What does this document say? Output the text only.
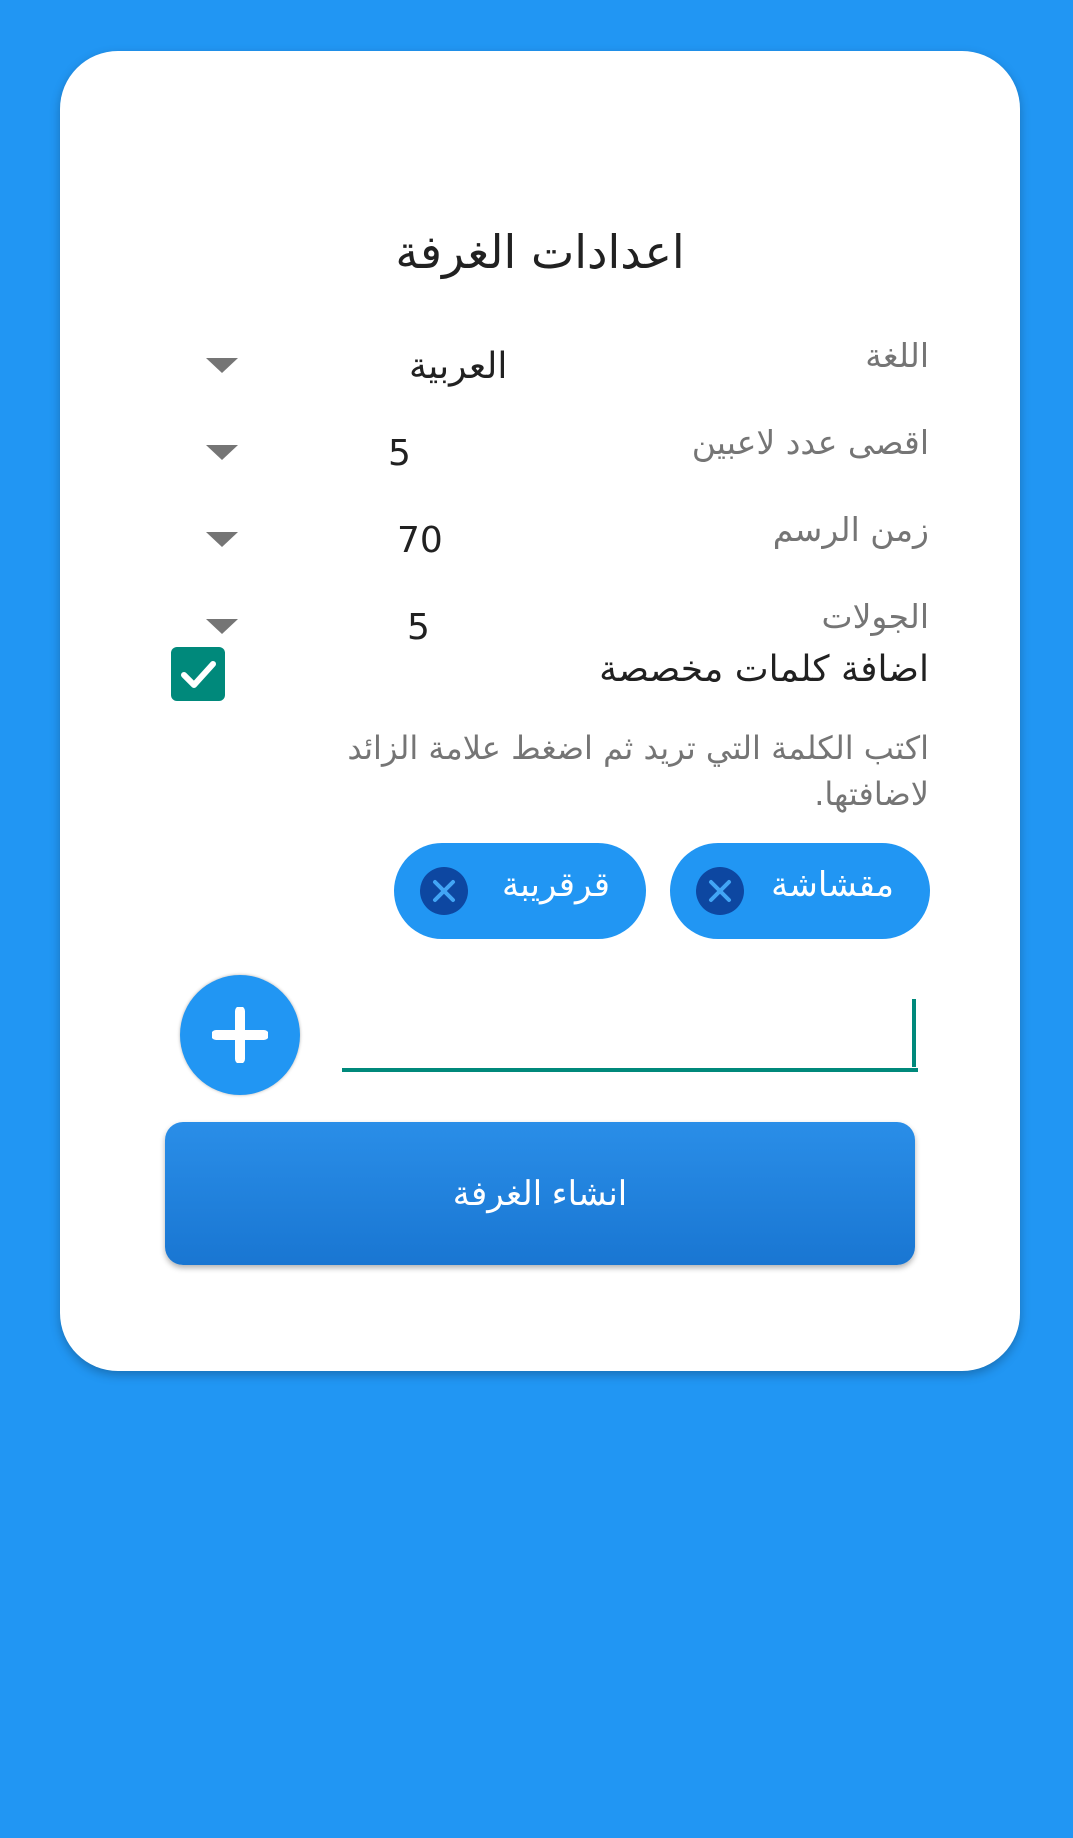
اعدادات الغرفة
اللغة
العربية
اقصى عدد لاعبين
5
زمن الرسم
70
الجولات
5
اضافة كلمات مخصصة
اكتب الكلمة التي تريد ثم اضغط علامة الزائد لاضافتها.
مقشاشة
قرقريبة
انشاء الغرفة
